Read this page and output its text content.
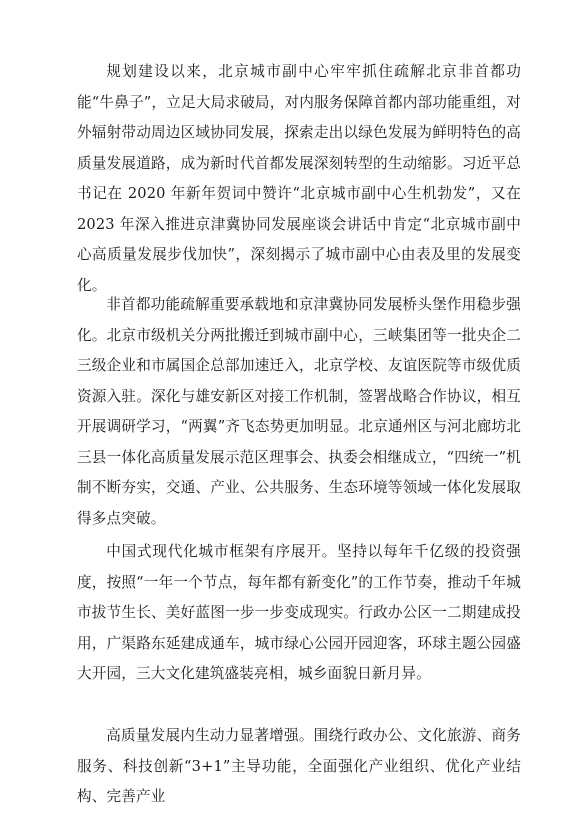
规划建设以来，北京城市副中心牢牢抓住疏解北京非首都功能“牛鼻子”，立足大局求破局，对内服务保障首都内部功能重组，对外辐射带动周边区域协同发展，探索走出以绿色发展为鲜明特色的高质量发展道路，成为新时代首都发展深刻转型的生动缩影。习近平总书记在 2020 年新年贺词中赞许“北京城市副中心生机勃发”，又在 2023 年深入推进京津冀协同发展座谈会讲话中肯定“北京城市副中心高质量发展步伐加快”，深刻揭示了城市副中心由表及里的发展变化。

非首都功能疏解重要承载地和京津冀协同发展桥头堡作用稳步强化。北京市级机关分两批搬迁到城市副中心，三峡集团等一批央企二三级企业和市属国企总部加速迁入，北京学校、友谊医院等市级优质资源入驻。深化与雄安新区对接工作机制，签署战略合作协议，相互开展调研学习，“两翼”齐飞态势更加明显。北京通州区与河北廊坊北三县一体化高质量发展示范区理事会、执委会相继成立，“四统一”机制不断夯实，交通、产业、公共服务、生态环境等领域一体化发展取得多点突破。

中国式现代化城市框架有序展开。坚持以每年千亿级的投资强度，按照“一年一个节点，每年都有新变化”的工作节奏，推动千年城市拔节生长、美好蓝图一步一步变成现实。行政办公区一二期建成投用，广渠路东延建成通车，城市绿心公园开园迎客，环球主题公园盛大开园，三大文化建筑盛装亮相，城乡面貌日新月异。

高质量发展内生动力显著增强。围绕行政办公、文化旅游、商务服务、科技创新“3+1”主导功能，全面强化产业组织、优化产业结构、完善产业
